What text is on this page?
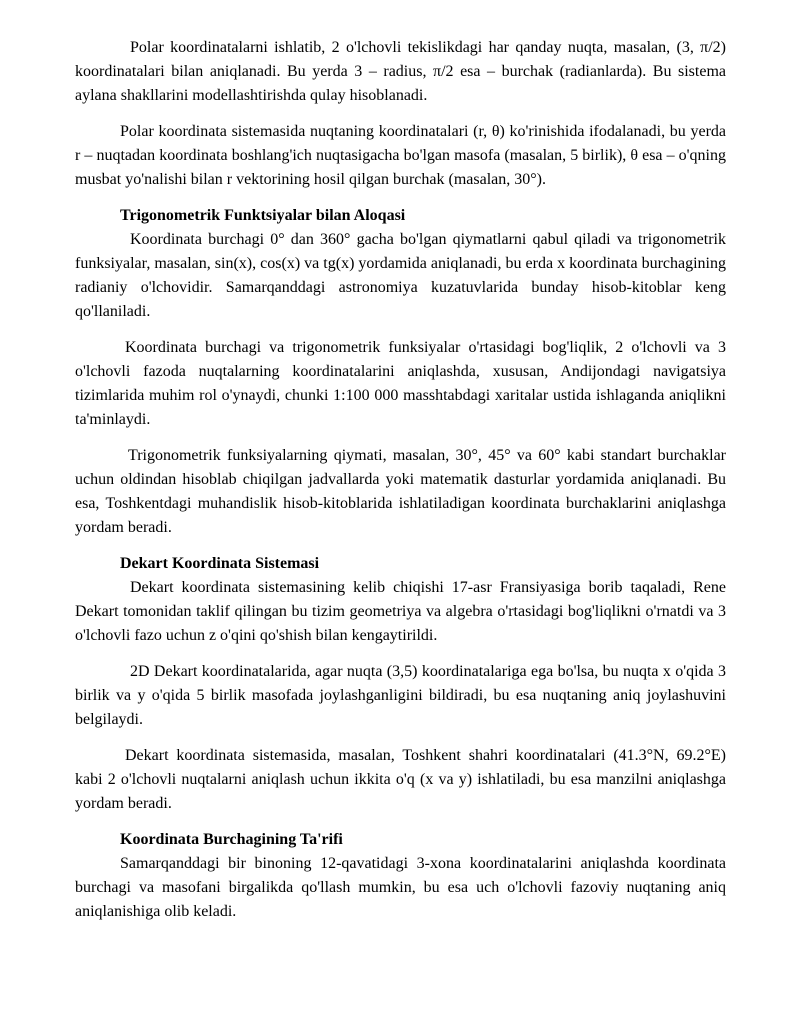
Polar koordinatalarni ishlatib, 2 o'lchovli tekislikdagi har qanday nuqta, masalan, (3, π/2) koordinatalari bilan aniqlanadi. Bu yerda 3 – radius, π/2 esa – burchak (radianlarda). Bu sistema aylana shakllarini modellashtirishda qulay hisoblanadi.

Polar koordinata sistemasida nuqtaning koordinatalari (r, θ) ko'rinishida ifodalanadi, bu yerda r – nuqtadan koordinata boshlang'ich nuqtasigacha bo'lgan masofa (masalan, 5 birlik), θ esa – o'qning musbat yo'nalishi bilan r vektorining hosil qilgan burchak (masalan, 30°).

Trigonometrik Funktsiyalar bilan Aloqasi

Koordinata burchagi 0° dan 360° gacha bo'lgan qiymatlarni qabul qiladi va trigonometrik funksiyalar, masalan, sin(x), cos(x) va tg(x) yordamida aniqlanadi, bu erda x koordinata burchagining radianiy o'lchovidir. Samarqanddagi astronomiya kuzatuvlarida bunday hisob-kitoblar keng qo'llaniladi.

Koordinata burchagi va trigonometrik funksiyalar o'rtasidagi bog'liqlik, 2 o'lchovli va 3 o'lchovli fazoda nuqtalarning koordinatalarini aniqlashda, xususan, Andijondagi navigatsiya tizimlarida muhim rol o'ynaydi, chunki 1:100 000 masshtabdagi xaritalar ustida ishlaganda aniqlikni ta'minlaydi.

Trigonometrik funksiyalarning qiymati, masalan, 30°, 45° va 60° kabi standart burchaklar uchun oldindan hisoblab chiqilgan jadvallarda yoki matematik dasturlar yordamida aniqlanadi. Bu esa, Toshkentdagi muhandislik hisob-kitoblarida ishlatiladigan koordinata burchaklarini aniqlashga yordam beradi.

Dekart Koordinata Sistemasi

Dekart koordinata sistemasining kelib chiqishi 17-asr Fransiyasiga borib taqaladi, Rene Dekart tomonidan taklif qilingan bu tizim geometriya va algebra o'rtasidagi bog'liqlikni o'rnatdi va 3 o'lchovli fazo uchun z o'qini qo'shish bilan kengaytirildi.

2D Dekart koordinatalarida, agar nuqta (3,5) koordinatalariga ega bo'lsa, bu nuqta x o'qida 3 birlik va y o'qida 5 birlik masofada joylashganligini bildiradi, bu esa nuqtaning aniq joylashuvini belgilaydi.

Dekart koordinata sistemasida, masalan, Toshkent shahri koordinatalari (41.3°N, 69.2°E) kabi 2 o'lchovli nuqtalarni aniqlash uchun ikkita o'q (x va y) ishlatiladi, bu esa manzilni aniqlashga yordam beradi.

Koordinata Burchagining Ta'rifi

Samarqanddagi bir binoning 12-qavatidagi 3-xona koordinatalarini aniqlashda koordinata burchagi va masofani birgalikda qo'llash mumkin, bu esa uch o'lchovli fazoviy nuqtaning aniq aniqlanishiga olib keladi.
